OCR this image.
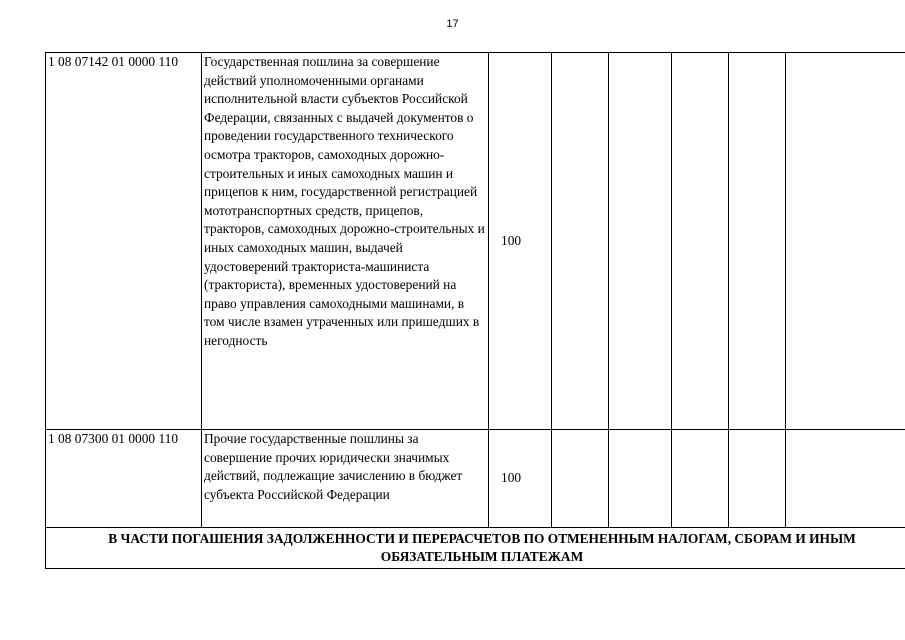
17
1 08 07142 01 0000 110	Государственная пошлина за совершение действий уполномоченными органами исполнительной власти субъектов Российской Федерации, связанных с выдачей документов о проведении государственного технического осмотра тракторов, самоходных дорожно-строительных и иных самоходных машин и прицепов к ним, государственной регистрацией мототранспортных средств, прицепов, тракторов, самоходных дорожно-строительных и иных самоходных машин, выдачей удостоверений тракториста-машиниста (тракториста), временных удостоверений на право управления самоходными машинами, в том числе взамен утраченных или пришедших в негодность	100					
1 08 07300 01 0000 110	Прочие государственные пошлины за совершение прочих юридически значимых действий, подлежащие зачислению в бюджет субъекта Российской Федерации	100					
В ЧАСТИ ПОГАШЕНИЯ ЗАДОЛЖЕННОСТИ И ПЕРЕРАСЧЕТОВ ПО ОТМЕНЕННЫМ НАЛОГАМ, СБОРАМ И ИНЫМ ОБЯЗАТЕЛЬНЫМ ПЛАТЕЖАМ							
